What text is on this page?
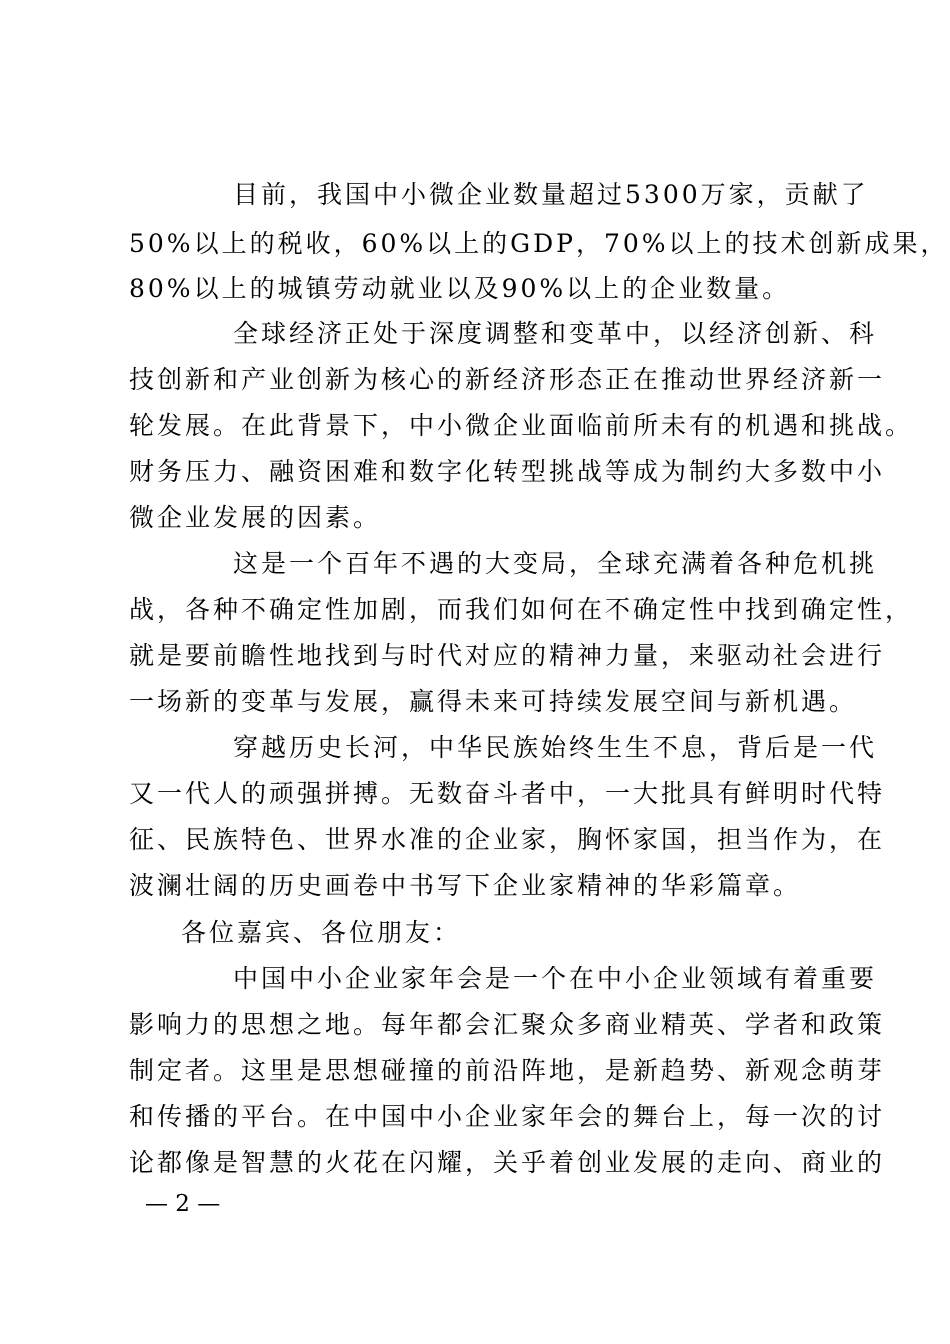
目前，我国中小微企业数量超过5300万家，贡献了
50%以上的税收，60%以上的GDP，70%以上的技术创新成果，
80%以上的城镇劳动就业以及90%以上的企业数量。
全球经济正处于深度调整和变革中，以经济创新、科
技创新和产业创新为核心的新经济形态正在推动世界经济新一
轮发展。在此背景下，中小微企业面临前所未有的机遇和挑战。
财务压力、融资困难和数字化转型挑战等成为制约大多数中小
微企业发展的因素。
这是一个百年不遇的大变局，全球充满着各种危机挑
战，各种不确定性加剧，而我们如何在不确定性中找到确定性，
就是要前瞻性地找到与时代对应的精神力量，来驱动社会进行
一场新的变革与发展，赢得未来可持续发展空间与新机遇。
穿越历史长河，中华民族始终生生不息，背后是一代
又一代人的顽强拼搏。无数奋斗者中，一大批具有鲜明时代特
征、民族特色、世界水准的企业家，胸怀家国，担当作为，在
波澜壮阔的历史画卷中书写下企业家精神的华彩篇章。
各位嘉宾、各位朋友：
中国中小企业家年会是一个在中小企业领域有着重要
影响力的思想之地。每年都会汇聚众多商业精英、学者和政策
制定者。这里是思想碰撞的前沿阵地，是新趋势、新观念萌芽
和传播的平台。在中国中小企业家年会的舞台上，每一次的讨
论都像是智慧的火花在闪耀，关乎着创业发展的走向、商业的
— 2 —
